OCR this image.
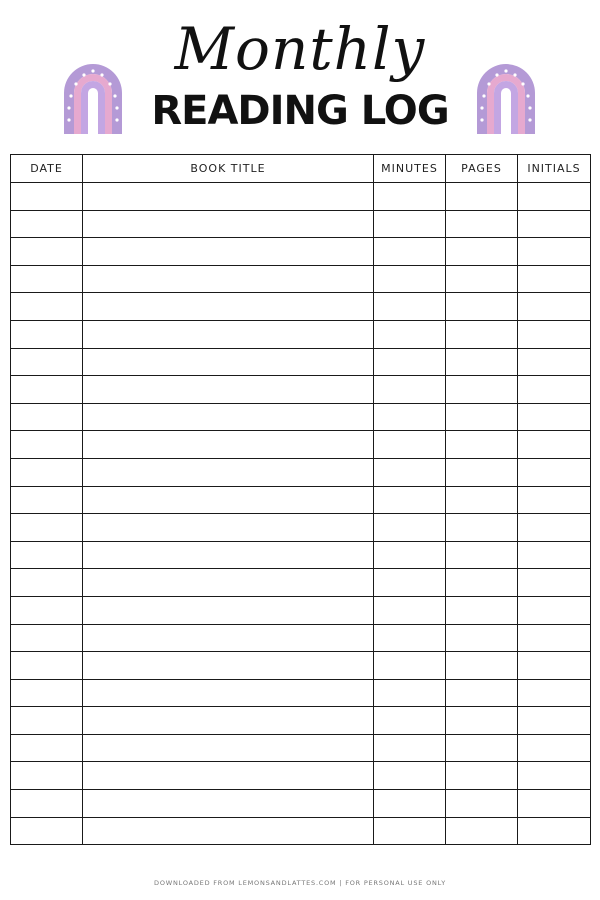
Monthly
READING LOG
DATE	BOOK TITLE	MINUTES	PAGES	INITIALS

DOWNLOADED FROM LEMONSANDLATTES.COM | FOR PERSONAL USE ONLY
